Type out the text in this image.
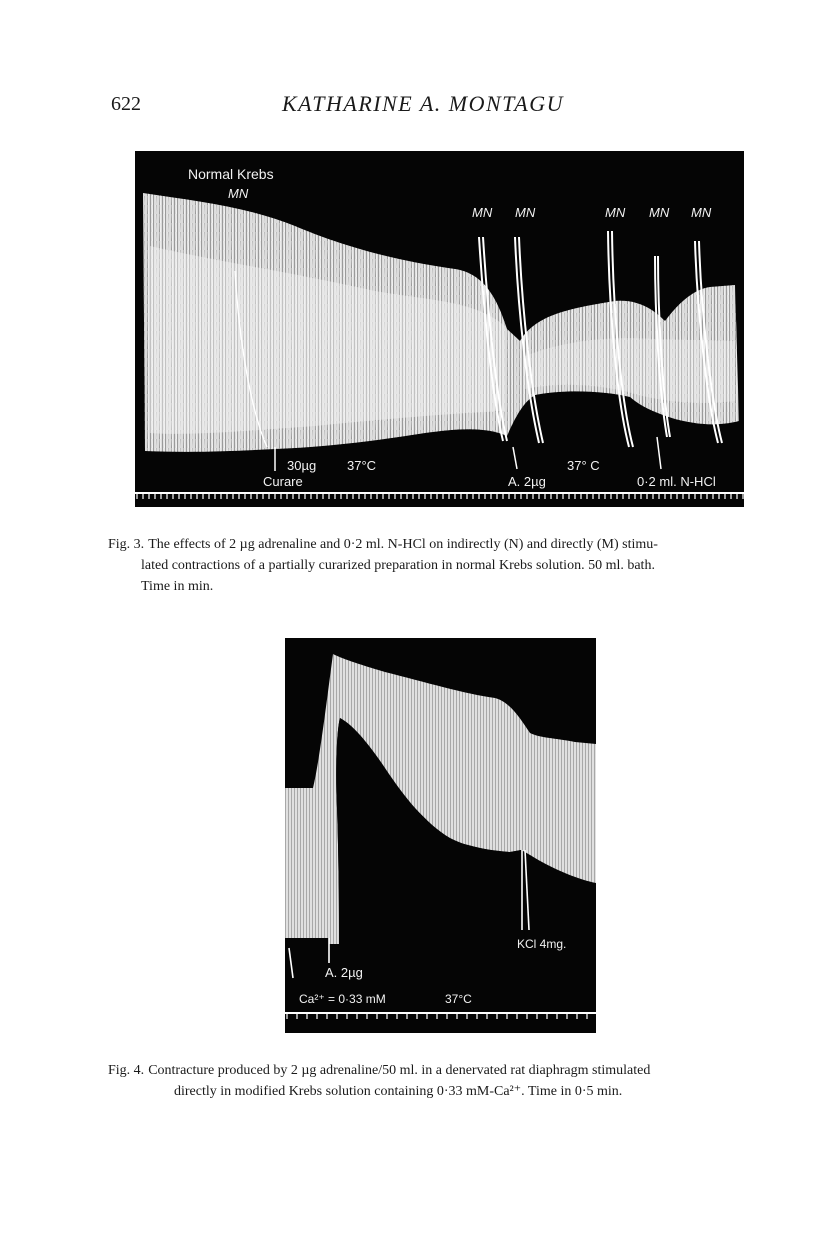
622	KATHARINE A. MONTAGU
Normal Krebs
MN
MN MN	MN MN MN
30µg 37°C
Curare	A. 2µg
37° C
0·2 ml. N-HCl
Fig. 3. The effects of 2 µg adrenaline and 0·2 ml. N-HCl on indirectly (N) and directly (M) stimu-
lated contractions of a partially curarized preparation in normal Krebs solution. 50 ml. bath.
Time in min.
KCl 4mg.
A. 2µg
Ca²⁺ = 0·33 mM	37°C
Fig. 4. Contracture produced by 2 µg adrenaline/50 ml. in a denervated rat diaphragm stimulated
directly in modified Krebs solution containing 0·33 mM-Ca²⁺. Time in 0·5 min.
